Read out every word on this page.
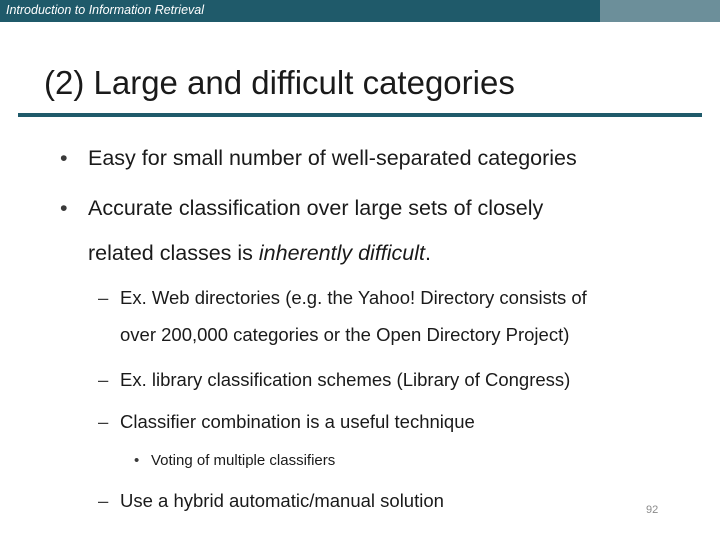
Introduction to Information Retrieval
(2) Large and difficult categories
• Easy for small number of well-separated categories
• Accurate classification over large sets of closely
related classes is inherently difficult.
– Ex. Web directories (e.g. the Yahoo! Directory consists of
over 200,000 categories or the Open Directory Project)
– Ex. library classification schemes (Library of Congress)
– Classifier combination is a useful technique
• Voting of multiple classifiers
– Use a hybrid automatic/manual solution	92
